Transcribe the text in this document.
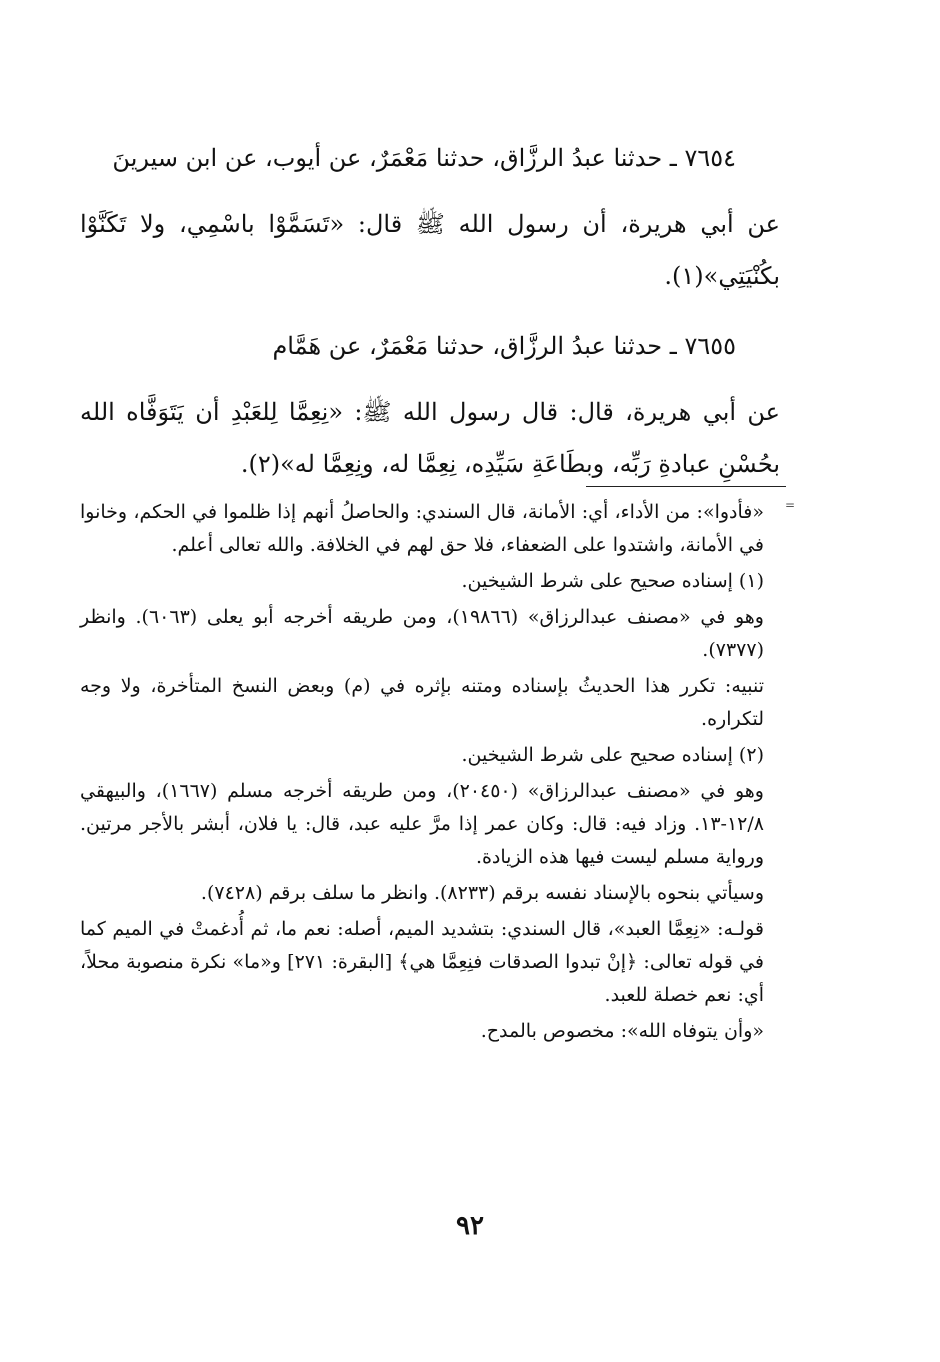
٧٦٥٤ ـ حدثنا عبدُ الرزَّاق، حدثنا مَعْمَرٌ، عن أيوب، عن ابن سيرينَ

عن أبي هريرة، أن رسول الله ﷺ قال: «تَسَمَّوْا باسْمِي، ولا تَكَنَّوْا بكُنْيَتِي»(١).

٧٦٥٥ ـ حدثنا عبدُ الرزَّاق، حدثنا مَعْمَرٌ، عن هَمَّام

عن أبي هريرة، قال: قال رسول الله ﷺ: «نِعِمَّا لِلعَبْدِ أن يَتَوَفَّاه الله بحُسْنِ عبادةِ رَبِّه، وبطَاعَةِ سَيِّدِه، نِعِمَّا له، ونِعِمَّا له»(٢).

=

«فأدوا»: من الأداء، أي: الأمانة، قال السندي: والحاصلُ أنهم إذا ظلموا في الحكم، وخانوا في الأمانة، واشتدوا على الضعفاء، فلا حق لهم في الخلافة. والله تعالى أعلم.

(١) إسناده صحيح على شرط الشيخين.

وهو في «مصنف عبدالرزاق» (١٩٨٦٦)، ومن طريقه أخرجه أبو يعلى (٦٠٦٣). وانظر (٧٣٧٧).

تنبيه: تكرر هذا الحديثُ بإسناده ومتنه بإثره في (م) وبعض النسخ المتأخرة، ولا وجه لتكراره.

(٢) إسناده صحيح على شرط الشيخين.

وهو في «مصنف عبدالرزاق» (٢٠٤٥٠)، ومن طريقه أخرجه مسلم (١٦٦٧)، والبيهقي ١٢/٨-١٣. وزاد فيه: قال: وكان عمر إذا مرَّ عليه عبد، قال: يا فلان، أبشر بالأجر مرتين. ورواية مسلم ليست فيها هذه الزيادة.

وسيأتي بنحوه بالإسناد نفسه برقم (٨٢٣٣). وانظر ما سلف برقم (٧٤٢٨).

قولـه: «نِعِمَّا العبد»، قال السندي: بتشديد الميم، أصله: نعم ما، ثم أُدغمتْ في الميم كما في قوله تعالى: ﴿إنْ تبدوا الصدقات فنِعِمَّا هي﴾ [البقرة: ٢٧١] و«ما» نكرة منصوبة محلاً، أي: نعم خصلة للعبد.

«وأن يتوفاه الله»: مخصوص بالمدح.

٩٢
